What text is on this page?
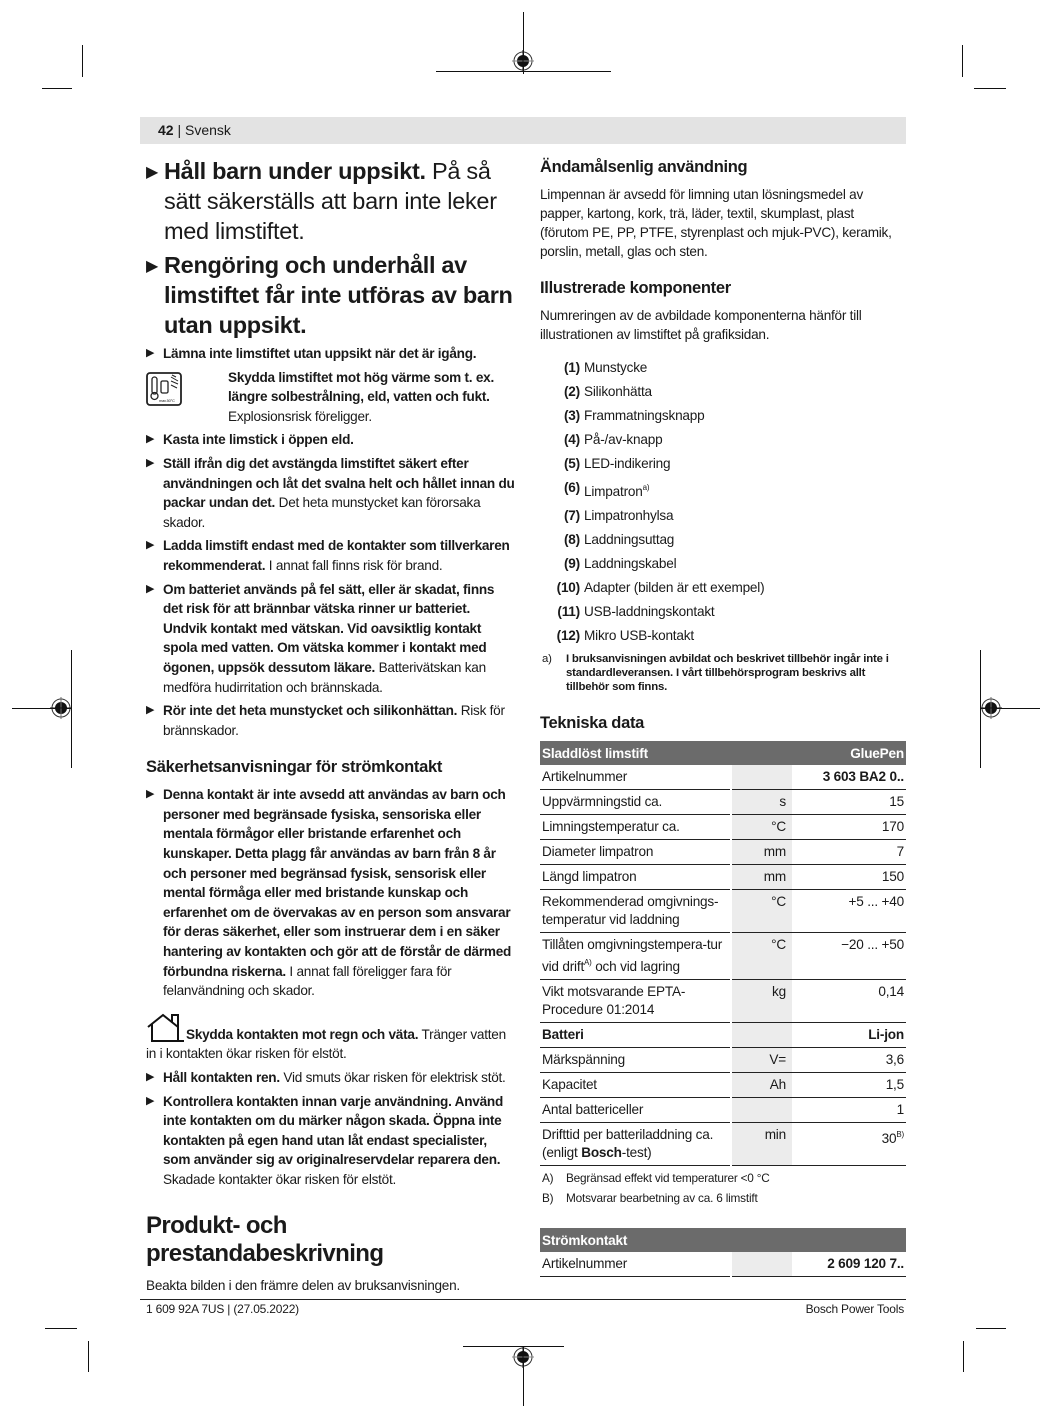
42 | Svensk
▶ Håll barn under uppsikt. På så sätt säkerställs att barn inte leker med limstiftet.
▶ Rengöring och underhåll av limstiftet får inte utföras av barn utan uppsikt.
▶ Lämna inte limstiftet utan uppsikt när det är igång.
max.50°C
Skydda limstiftet mot hög värme som t. ex. längre solbestrålning, eld, vatten och fukt. Explosionsrisk föreligger.
▶ Kasta inte limstick i öppen eld.
▶ Ställ ifrån dig det avstängda limstiftet säkert efter användningen och låt det svalna helt och hållet innan du packar undan det. Det heta munstycket kan förorsaka skador.
▶ Ladda limstift endast med de kontakter som tillverkaren rekommenderat. I annat fall finns risk för brand.
▶ Om batteriet används på fel sätt, eller är skadat, finns det risk för att brännbar vätska rinner ur batteriet. Undvik kontakt med vätskan. Vid oavsiktlig kontakt spola med vatten. Om vätska kommer i kontakt med ögonen, uppsök dessutom läkare. Batterivätskan kan medföra hudirritation och brännskada.
▶ Rör inte det heta munstycket och silikonhättan. Risk för brännskador.
Säkerhetsanvisningar för strömkontakt
▶ Denna kontakt är inte avsedd att användas av barn och personer med begränsade fysiska, sensoriska eller mentala förmågor eller bristande erfarenhet och kunskaper. Detta plagg får användas av barn från 8 år och personer med begränsad fysisk, sensorisk eller mental förmåga eller med bristande kunskap och erfarenhet om de övervakas av en person som ansvarar för deras säkerhet, eller som instruerar dem i en säker hantering av kontakten och gör att de förstår de därmed förbundna riskerna. I annat fall föreligger fara för felanvändning och skador.
Skydda kontakten mot regn och väta. Tränger vatten in i kontakten ökar risken för elstöt.
▶ Håll kontakten ren. Vid smuts ökar risken för elektrisk stöt.
▶ Kontrollera kontakten innan varje användning. Använd inte kontakten om du märker någon skada. Öppna inte kontakten på egen hand utan låt endast specialister, som använder sig av originalreservdelar reparera den. Skadade kontakter ökar risken för elstöt.
Produkt- och prestandabeskrivning

Beakta bilden i den främre delen av bruksanvisningen.

Ändamålsenlig användning

Limpennan är avsedd för limning utan lösningsmedel av papper, kartong, kork, trä, läder, textil, skumplast, plast (förutom PE, PP, PTFE, styrenplast och mjuk-PVC), keramik, porslin, metall, glas och sten.

Illustrerade komponenter

Numreringen av de avbildade komponenterna hänför till illustrationen av limstiftet på grafiksidan.

(1) Munstycke
(2) Silikonhätta
(3) Frammatningsknapp
(4) På-/av-knapp
(5) LED-indikering
(6) Limpatron$^{a)}$
(7) Limpatronhylsa
(8) Laddningsuttag
(9) Laddningskabel
(10) Adapter (bilden är ett exempel)
(11) USB-laddningskontakt
(12) Mikro USB-kontakt
a) I bruksanvisningen avbildat och beskrivet tillbehör ingår inte i standardleveransen. I vårt tillbehörsprogram beskrivs allt tillbehör som finns.
Tekniska data
Sladdlöst limstift		GluePen
Artikelnummer		3 603 BA2 0..
Uppvärmningstid ca.	s	15
Limningstemperatur ca.	°C	170
Diameter limpatron	mm	7
Längd limpatron	mm	150
Rekommenderad omgivnings-temperatur vid laddning	°C	+5 ... +40
Tillåten omgivningstempera-tur vid drift$^{A)}$ och vid lagring	°C	−20 ... +50
Vikt motsvarande EPTA-Procedure 01:2014	kg	0,14
Batteri		Li-jon
Märkspänning	V=	3,6
Kapacitet	Ah	1,5
Antal battericeller		1
Drifttid per batteriladdning ca. (enligt Bosch-test)	min	$30^{B)}$
A) Begränsad effekt vid temperaturer <0 °C
B) Motsvarar bearbetning av ca. 6 limstift
Strömkontakt
Artikelnummer		2 609 120 7..
1 609 92A 7US | (27.05.2022)	Bosch Power Tools
